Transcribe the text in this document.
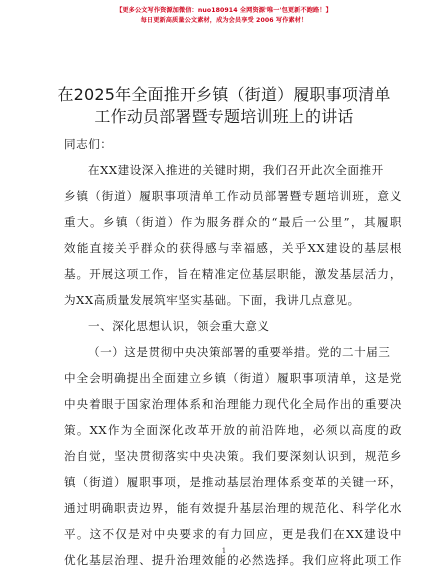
【更多公文写作资源加微信：nuo180914 全网资源'唯一'包更新不跑路！】
每日更新高质量公文素材，成为会员享受 2006 写作素材！
在2025年全面推开乡镇（街道）履职事项清单
工作动员部署暨专题培训班上的讲话
同志们：
在XX建设深入推进的关键时期，我们召开此次全面推开
乡镇（街道）履职事项清单工作动员部署暨专题培训班，意义
重大。乡镇（街道）作为服务群众的“最后一公里”，其履职
效能直接关乎群众的获得感与幸福感，关乎XX建设的基层根
基。开展这项工作，旨在精准定位基层职能，激发基层活力，
为XX高质量发展筑牢坚实基础。下面，我讲几点意见。
一、深化思想认识，领会重大意义
（一）这是贯彻中央决策部署的重要举措。党的二十届三
中全会明确提出全面建立乡镇（街道）履职事项清单，这是党
中央着眼于国家治理体系和治理能力现代化全局作出的重要决
策。XX作为全面深化改革开放的前沿阵地，必须以高度的政
治自觉，坚决贯彻落实中央决策。我们要深刻认识到，规范乡
镇（街道）履职事项，是推动基层治理体系变革的关键一环，
通过明确职责边界，能有效提升基层治理的规范化、科学化水
平。这不仅是对中央要求的有力回应，更是我们在XX建设中
优化基层治理、提升治理效能的必然选择。我们应将此项工作
1
